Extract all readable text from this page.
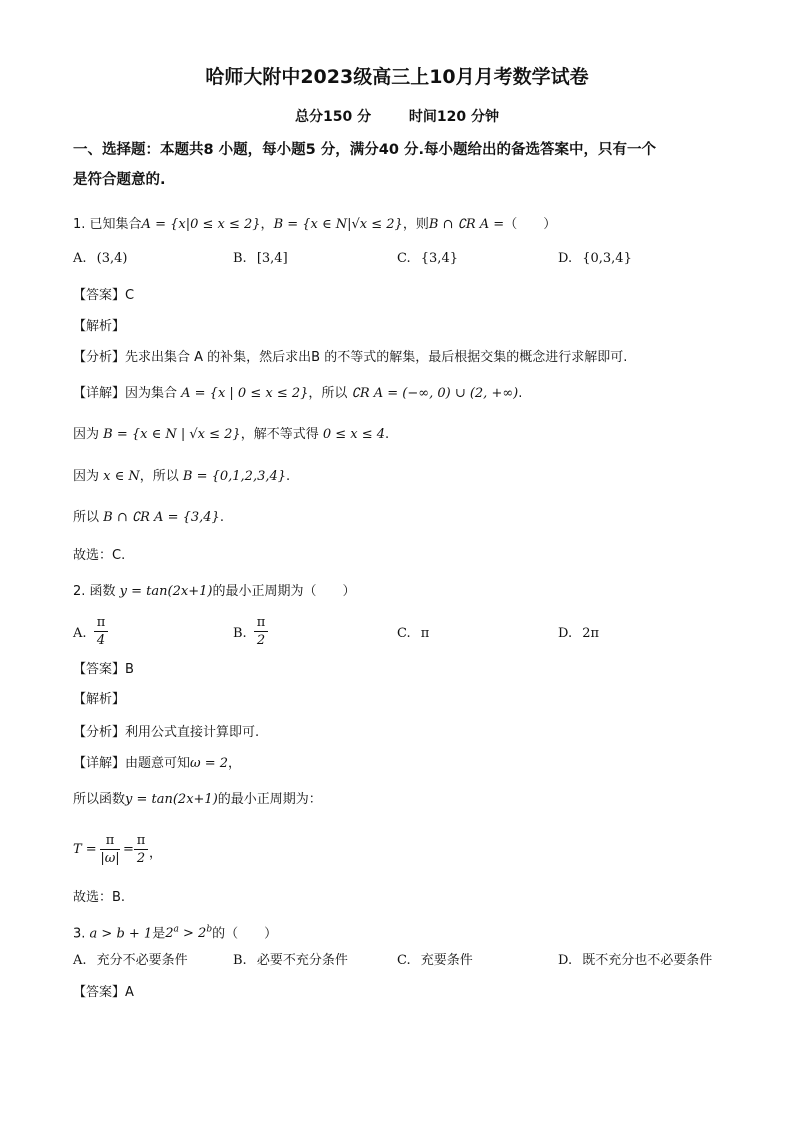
哈师大附中2023级高三上10月月考数学试卷
总分150 分	时间120 分钟
一、选择题：本题共8 小题，每小题5 分，满分40 分.每小题给出的备选答案中，只有一个
是符合题意的.
1. 已知集合A = {x|0 ≤ x ≤ 2}，B = {x ∈ N|√x ≤ 2}，则B ∩ ∁R A =（　　）
A. (3,4)	B. [3,4]	C. {3,4}	D. {0,3,4}
【答案】C
【解析】
【分析】先求出集合 A 的补集，然后求出B 的不等式的解集，最后根据交集的概念进行求解即可.
【详解】因为集合 A = {x | 0 ≤ x ≤ 2}，所以 ∁R A = (−∞, 0) ∪ (2, +∞).
因为 B = {x ∈ N | √x ≤ 2}，解不等式得 0 ≤ x ≤ 4.
因为 x ∈ N，所以 B = {0,1,2,3,4}.
所以 B ∩ ∁R A = {3,4}.
故选：C.
2. 函数 y = tan(2x+1)的最小正周期为（　　）
A.
π
4	B.
π
2	C. π	D. 2π
【答案】B
【解析】
【分析】利用公式直接计算即可.
【详解】由题意可知ω = 2，
所以函数y = tan(2x+1)的最小正周期为：
T =
π
|ω|
=
π
2 ，
故选：B.
3. a > b + 1是$2^a > 2^b$的（　　）
A. 充分不必要条件	B. 必要不充分条件	C. 充要条件	D. 既不充分也不必要条件
【答案】A
